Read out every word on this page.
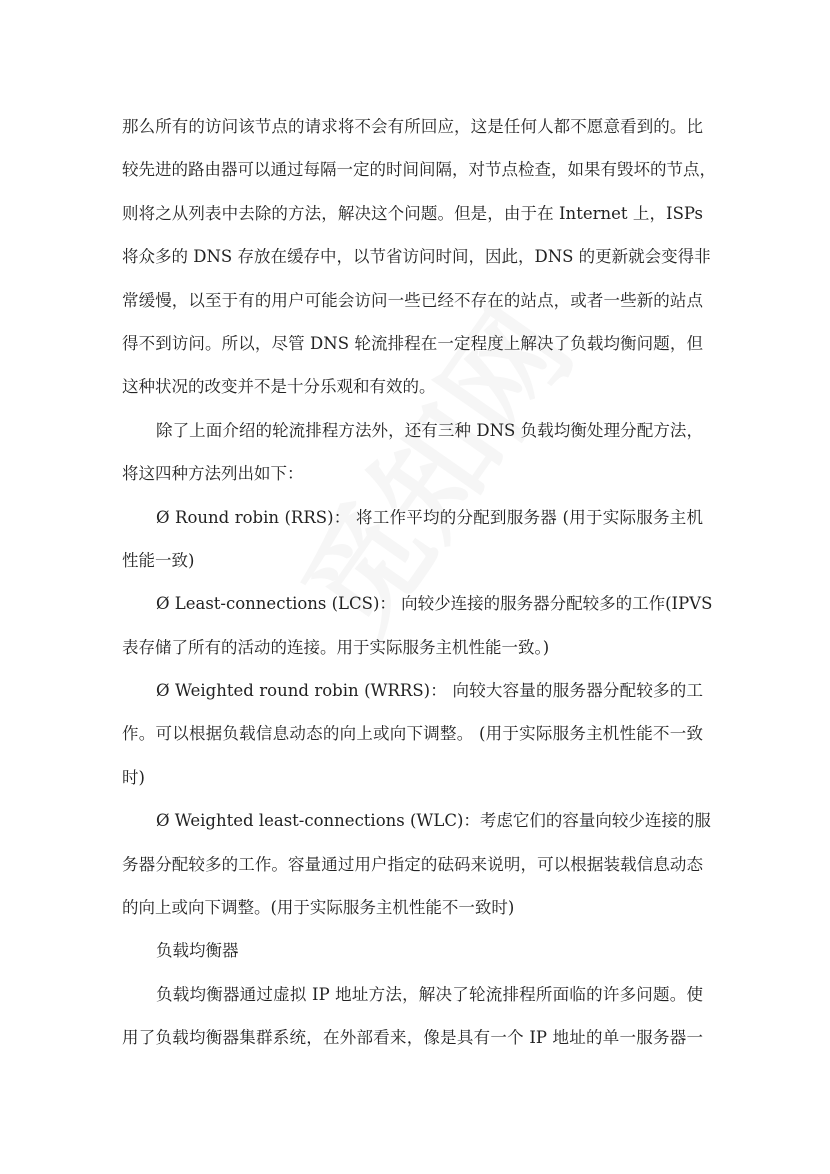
那么所有的访问该节点的请求将不会有所回应，这是任何人都不愿意看到的。比
较先进的路由器可以通过每隔一定的时间间隔，对节点检查，如果有毁坏的节点，
则将之从列表中去除的方法，解决这个问题。但是，由于在 Internet 上，ISPs
将众多的 DNS 存放在缓存中，以节省访问时间，因此，DNS 的更新就会变得非
常缓慢，以至于有的用户可能会访问一些已经不存在的站点，或者一些新的站点
得不到访问。所以，尽管 DNS 轮流排程在一定程度上解决了负载均衡问题，但
这种状况的改变并不是十分乐观和有效的。
除了上面介绍的轮流排程方法外，还有三种 DNS 负载均衡处理分配方法，
将这四种方法列出如下：
Ø Round robin (RRS)： 将工作平均的分配到服务器 (用于实际服务主机
性能一致)
Ø Least-connections (LCS)： 向较少连接的服务器分配较多的工作(IPVS
表存储了所有的活动的连接。用于实际服务主机性能一致。)
Ø Weighted round robin (WRRS)： 向较大容量的服务器分配较多的工
作。可以根据负载信息动态的向上或向下调整。 (用于实际服务主机性能不一致
时)
Ø Weighted least-connections (WLC)：考虑它们的容量向较少连接的服
务器分配较多的工作。容量通过用户指定的砝码来说明，可以根据装载信息动态
的向上或向下调整。(用于实际服务主机性能不一致时)
负载均衡器
负载均衡器通过虚拟 IP 地址方法，解决了轮流排程所面临的许多问题。使
用了负载均衡器集群系统，在外部看来，像是具有一个 IP 地址的单一服务器一
